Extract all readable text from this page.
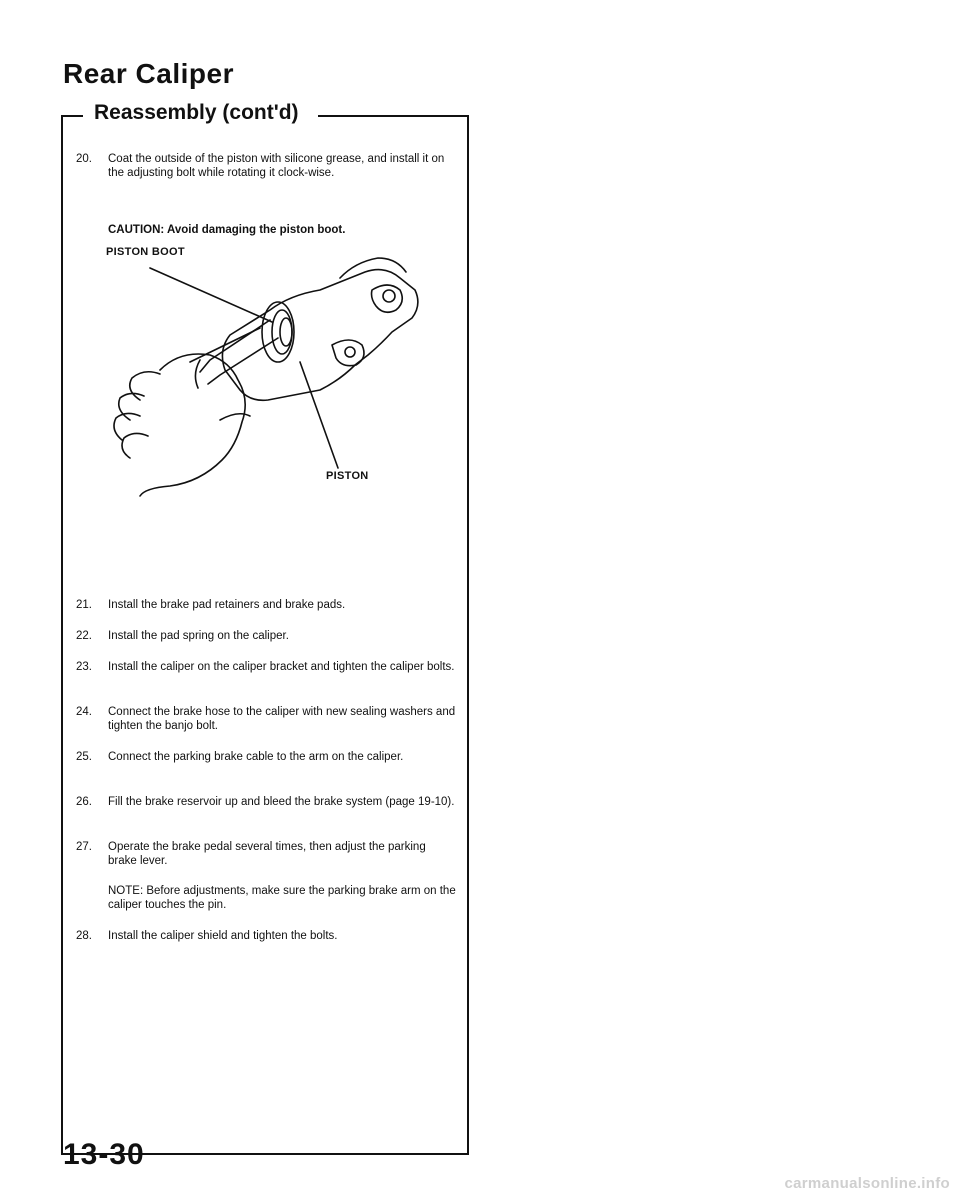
Rear Caliper
Reassembly (cont'd)
20.	Coat the outside of the piston with silicone grease, and install it on the adjusting bolt while rotating it clock-wise.
CAUTION: Avoid damaging the piston boot.
PISTON BOOT
PISTON
21.	Install the brake pad retainers and brake pads.
22.	Install the pad spring on the caliper.
23.	Install the caliper on the caliper bracket and tighten the caliper bolts.
24.	Connect the brake hose to the caliper with new sealing washers and tighten the banjo bolt.
25.	Connect the parking brake cable to the arm on the caliper.
26.	Fill the brake reservoir up and bleed the brake system (page 19-10).
27.	Operate the brake pedal several times, then adjust the parking brake lever.
NOTE: Before adjustments, make sure the parking brake arm on the caliper touches the pin.
28.	Install the caliper shield and tighten the bolts.
13-30
carmanualsonline.info
